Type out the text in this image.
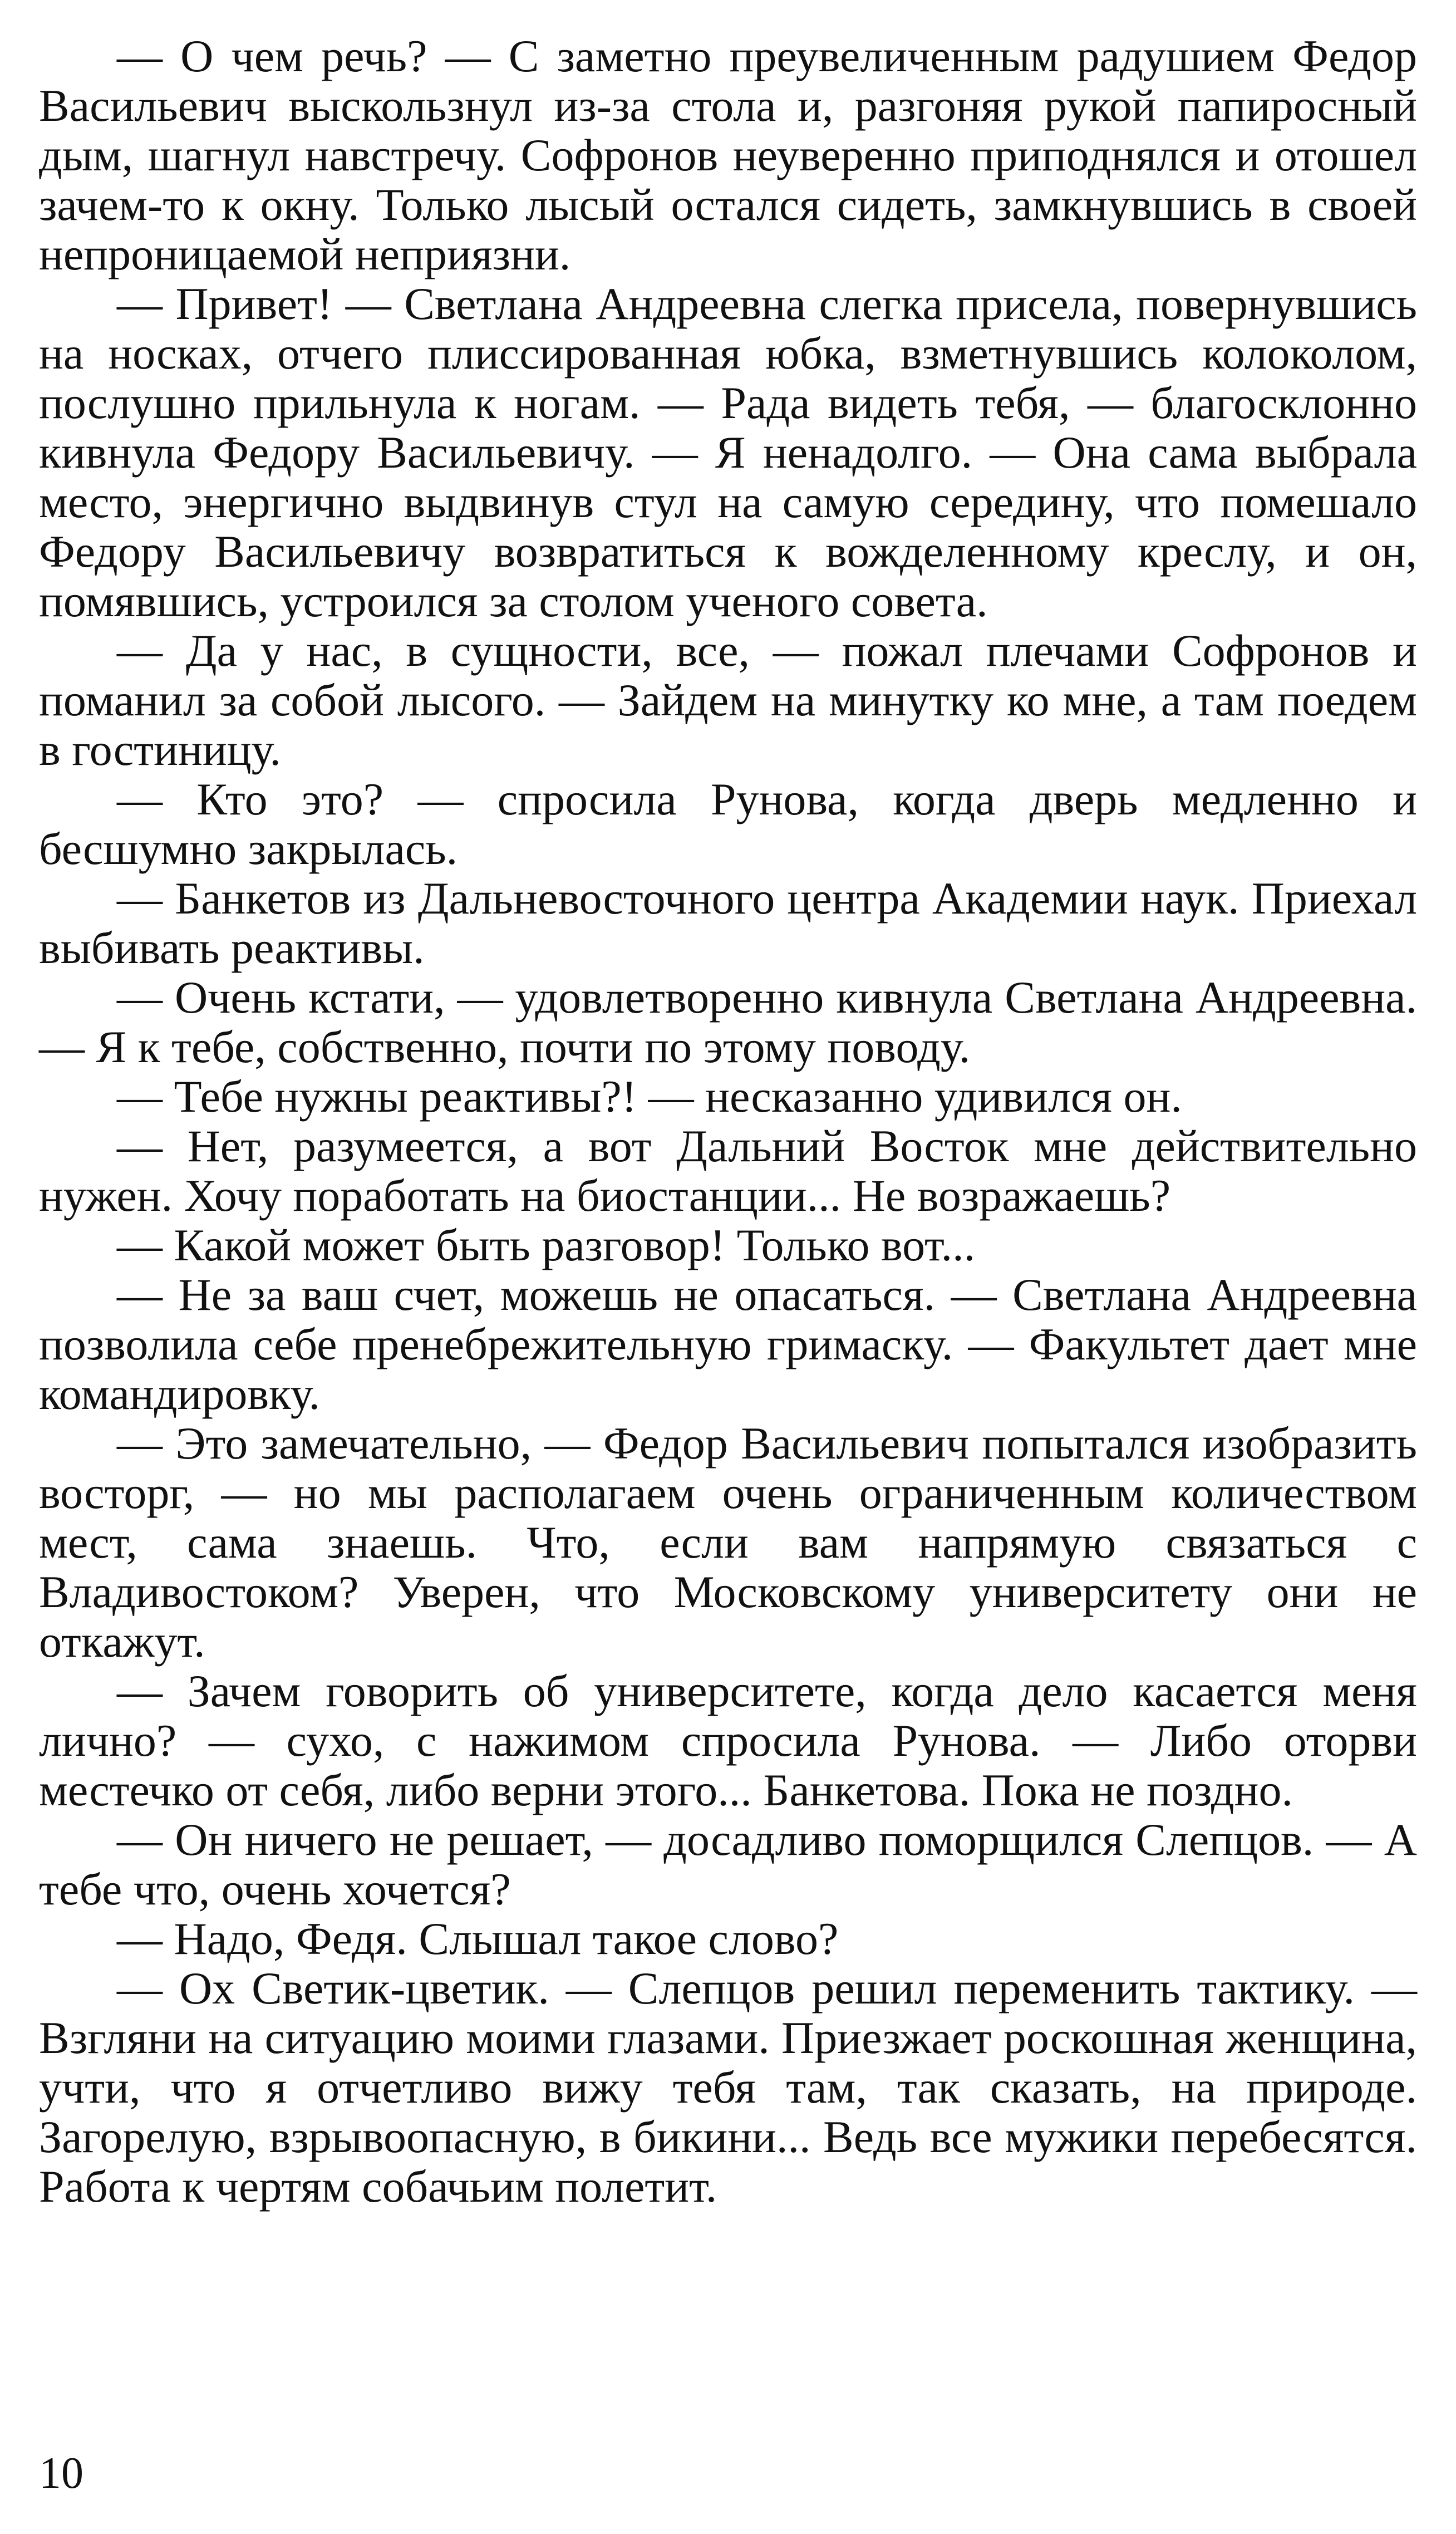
— О чем речь? — С заметно преувеличенным радушием Федор Васильевич выскользнул из-за стола и, разгоняя рукой папиросный дым, шагнул навстречу. Софронов неуверенно приподнялся и отошел зачем-то к окну. Только лысый остался сидеть, замкнувшись в своей непроницаемой неприязни.

— Привет! — Светлана Андреевна слегка присела, повернувшись на носках, отчего плиссированная юбка, взметнувшись колоколом, послушно прильнула к ногам. — Рада видеть тебя, — благосклонно кивнула Федору Васильевичу. — Я ненадолго. — Она сама выбрала место, энергично выдвинув стул на самую середину, что помешало Федору Васильевичу возвратиться к вожделенному креслу, и он, помявшись, устроился за столом ученого совета.

— Да у нас, в сущности, все, — пожал плечами Софронов и поманил за собой лысого. — Зайдем на минутку ко мне, а там поедем в гостиницу.

— Кто это? — спросила Рунова, когда дверь медленно и бесшумно закрылась.

— Банкетов из Дальневосточного центра Академии наук. Приехал выбивать реактивы.

— Очень кстати, — удовлетворенно кивнула Светлана Андреевна. — Я к тебе, собственно, почти по этому поводу.

— Тебе нужны реактивы?! — несказанно удивился он.

— Нет, разумеется, а вот Дальний Восток мне действительно нужен. Хочу поработать на биостанции... Не возражаешь?

— Какой может быть разговор! Только вот...

— Не за ваш счет, можешь не опасаться. — Светлана Андреевна позволила себе пренебрежительную гримаску. — Факультет дает мне командировку.

— Это замечательно, — Федор Васильевич попытался изобразить восторг, — но мы располагаем очень ограниченным количеством мест, сама знаешь. Что, если вам напрямую связаться с Владивостоком? Уверен, что Московскому университету они не откажут.

— Зачем говорить об университете, когда дело касается меня лично? — сухо, с нажимом спросила Рунова. — Либо оторви местечко от себя, либо верни этого... Банкетова. Пока не поздно.

— Он ничего не решает, — досадливо поморщился Слепцов. — А тебе что, очень хочется?

— Надо, Федя. Слышал такое слово?

— Ох Светик-цветик. — Слепцов решил переменить тактику. — Взгляни на ситуацию моими глазами. Приезжает роскошная женщина, учти, что я отчетливо вижу тебя там, так сказать, на природе. Загорелую, взрывоопасную, в бикини... Ведь все мужики перебесятся. Работа к чертям собачьим полетит.

10
